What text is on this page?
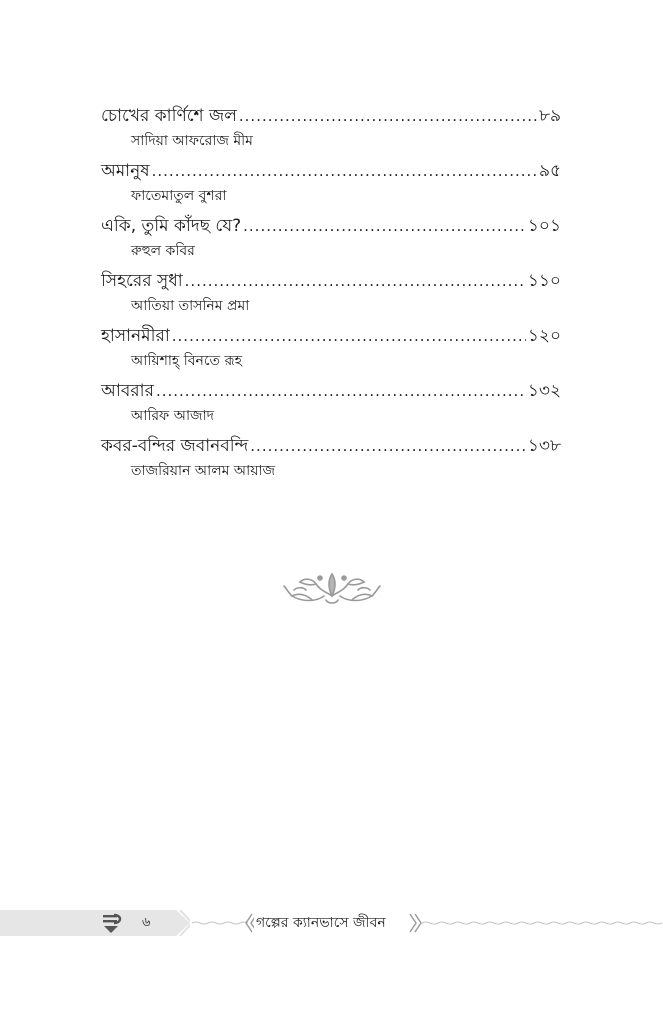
চোখের কার্ণিশে জল .....	৮৯
সাদিয়া আফরোজ মীম
অমানুষ .....	৯৫
ফাতেমাতুল বুশরা
একি, তুমি কাঁদছ যে? .....	১০১
রুহুল কবির
সিহরের সুধা .....	১১০
আতিয়া তাসনিম প্রমা
হাসানমীরা .....	১২০
আয়িশাহ্ বিনতে রূহ
আবরার .....	১৩২
আরিফ আজাদ
কবর-বন্দির জবানবন্দি .....	১৩৮
তাজরিয়ান আলম আয়াজ
৬	গল্পের ক্যানভাসে জীবন
